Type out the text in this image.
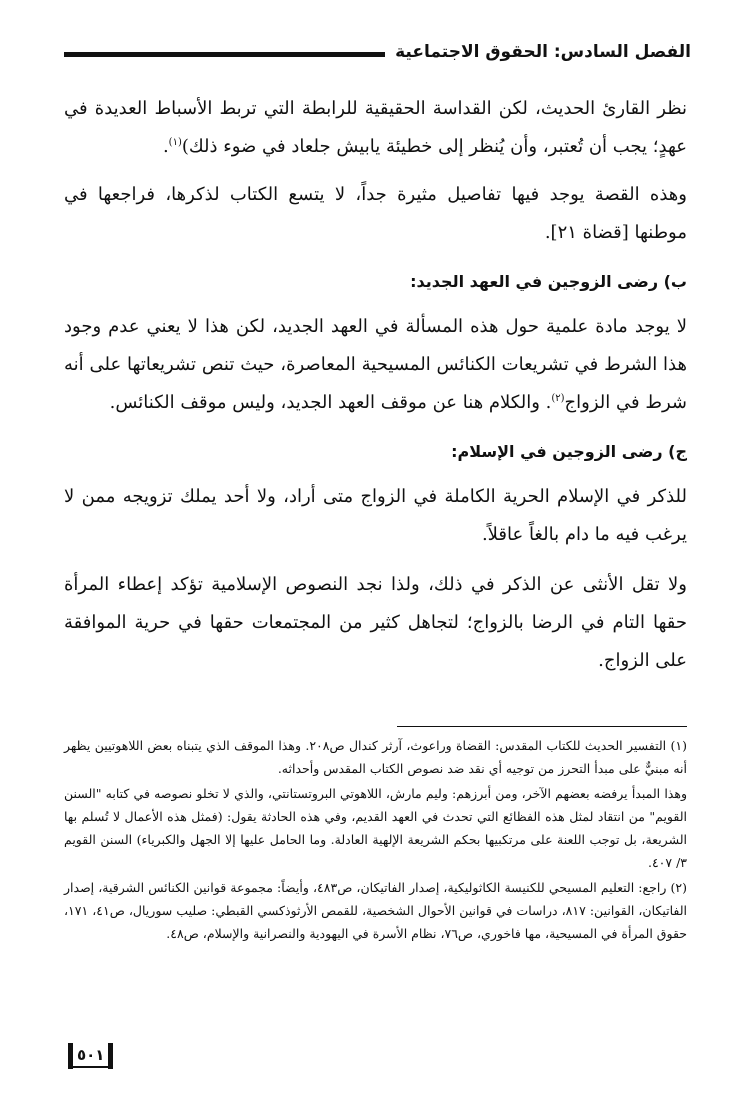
الفصل السادس: الحقوق الاجتماعية

نظر القارئ الحديث، لكن القداسة الحقيقية للرابطة التي تربط الأسباط العديدة في عهدٍ؛ يجب أن تُعتبر، وأن يُنظر إلى خطيئة يابيش جلعاد في ضوء ذلك)$^{(١)}$.

وهذه القصة يوجد فيها تفاصيل مثيرة جداً، لا يتسع الكتاب لذكرها، فراجعها في موطنها [قضاة ٢١].

ب) رضى الزوجين في العهد الجديد:

لا يوجد مادة علمية حول هذه المسألة في العهد الجديد، لكن هذا لا يعني عدم وجود هذا الشرط في تشريعات الكنائس المسيحية المعاصرة، حيث تنص تشريعاتها على أنه شرط في الزواج$^{(٢)}$. والكلام هنا عن موقف العهد الجديد، وليس موقف الكنائس.

ج) رضى الزوجين في الإسلام:

للذكر في الإسلام الحرية الكاملة في الزواج متى أراد، ولا أحد يملك تزويجه ممن لا يرغب فيه ما دام بالغاً عاقلاً.

ولا تقل الأنثى عن الذكر في ذلك، ولذا نجد النصوص الإسلامية تؤكد إعطاء المرأة حقها التام في الرضا بالزواج؛ لتجاهل كثير من المجتمعات حقها في حرية الموافقة على الزواج.

(١) التفسير الحديث للكتاب المقدس: القضاة وراعوث، آرثر كندال ص٢٠٨. وهذا الموقف الذي يتبناه بعض اللاهوتيين يظهر أنه مبنيٌّ على مبدأ التحرز من توجيه أي نقد ضد نصوص الكتاب المقدس وأحداثه.

وهذا المبدأ يرفضه بعضهم الآخر، ومن أبرزهم: وليم مارش، اللاهوتي البروتستانتي، والذي لا تخلو نصوصه في كتابه "السنن القويم" من انتقاد لمثل هذه الفظائع التي تحدث في العهد القديم، وفي هذه الحادثة يقول: (فمثل هذه الأعمال لا تُسلم بها الشريعة، بل توجب اللعنة على مرتكبيها بحكم الشريعة الإلهية العادلة. وما الحامل عليها إلا الجهل والكبرياء) السنن القويم ٣/ ٤٠٧.

(٢) راجع: التعليم المسيحي للكنيسة الكاثوليكية، إصدار الفاتيكان، ص٤٨٣، وأيضاً: مجموعة قوانين الكنائس الشرقية، إصدار الفاتيكان، القوانين: ٨١٧، دراسات في قوانين الأحوال الشخصية، للقمص الأرثوذكسي القبطي: صليب سوريال، ص٤١، ١٧١، حقوق المرأة في المسيحية، مها فاخوري، ص٧٦، نظام الأسرة في اليهودية والنصرانية والإسلام، ص٤٨.

٥٠١
